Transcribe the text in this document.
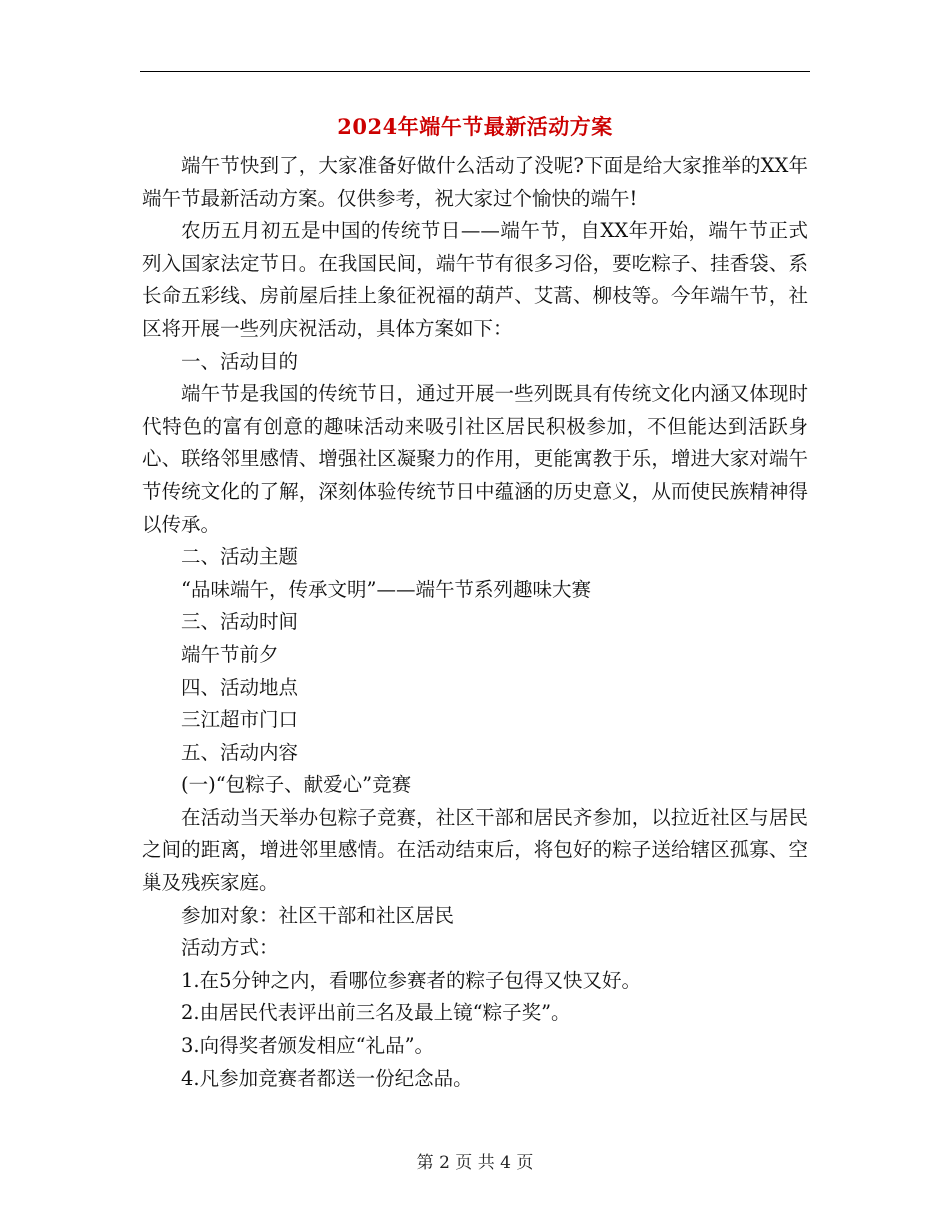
2024年端午节最新活动方案

端午节快到了，大家准备好做什么活动了没呢?下面是给大家推举的XX年端午节最新活动方案。仅供参考，祝大家过个愉快的端午!

农历五月初五是中国的传统节日——端午节，自XX年开始，端午节正式列入国家法定节日。在我国民间，端午节有很多习俗，要吃粽子、挂香袋、系长命五彩线、房前屋后挂上象征祝福的葫芦、艾蒿、柳枝等。今年端午节，社区将开展一些列庆祝活动，具体方案如下：

一、活动目的

端午节是我国的传统节日，通过开展一些列既具有传统文化内涵又体现时代特色的富有创意的趣味活动来吸引社区居民积极参加，不但能达到活跃身心、联络邻里感情、增强社区凝聚力的作用，更能寓教于乐，增进大家对端午节传统文化的了解，深刻体验传统节日中蕴涵的历史意义，从而使民族精神得以传承。

二、活动主题

“品味端午，传承文明”——端午节系列趣味大赛

三、活动时间

端午节前夕

四、活动地点

三江超市门口

五、活动内容

(一)“包粽子、献爱心”竞赛

在活动当天举办包粽子竞赛，社区干部和居民齐参加，以拉近社区与居民之间的距离，增进邻里感情。在活动结束后，将包好的粽子送给辖区孤寡、空巢及残疾家庭。

参加对象：社区干部和社区居民

活动方式：

1.在5分钟之内，看哪位参赛者的粽子包得又快又好。

2.由居民代表评出前三名及最上镜“粽子奖”。

3.向得奖者颁发相应“礼品”。

4.凡参加竞赛者都送一份纪念品。

第 2 页 共 4 页
